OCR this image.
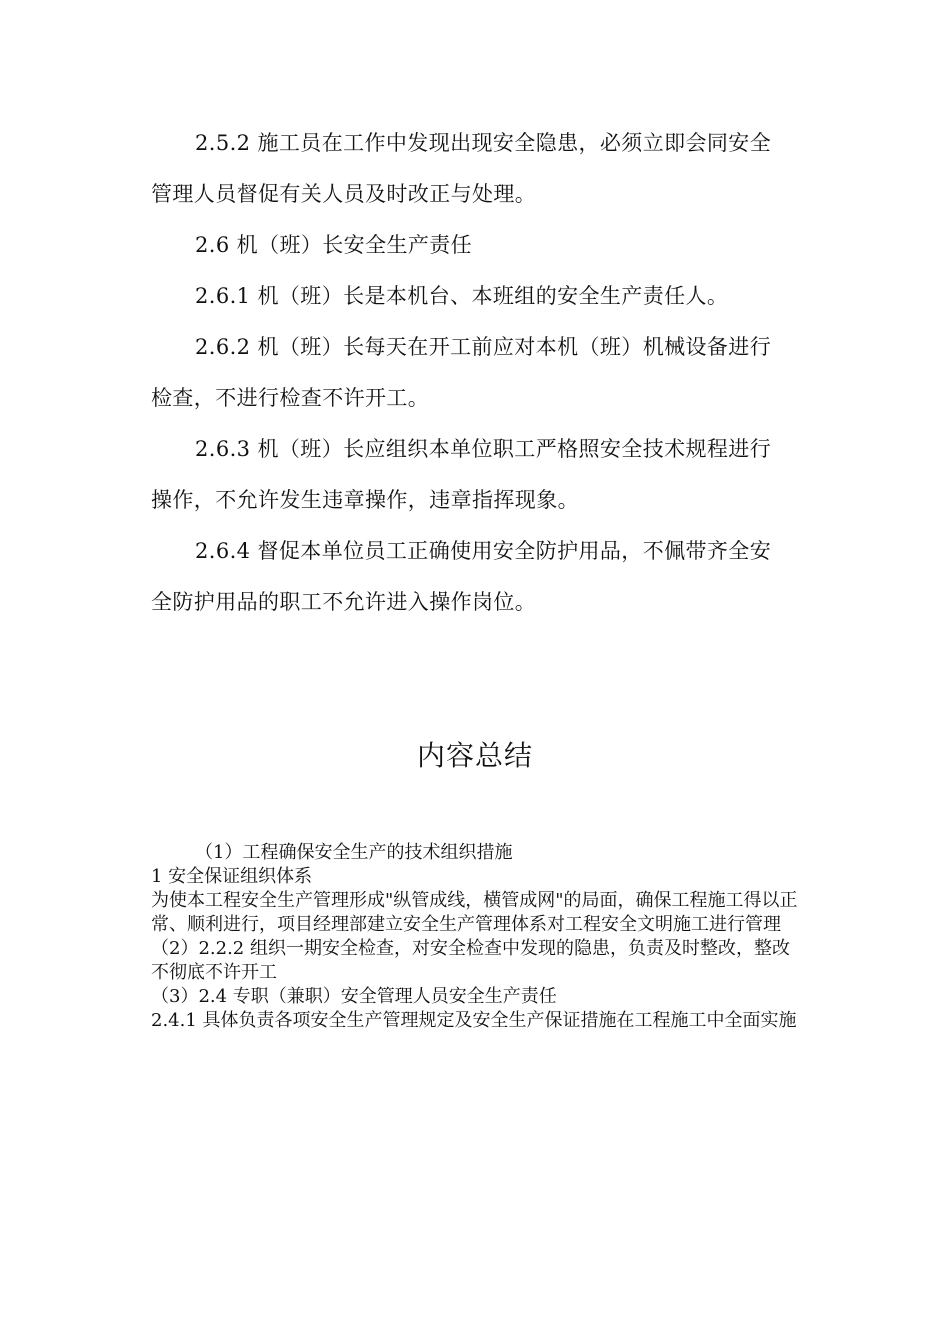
2.5.2 施工员在工作中发现出现安全隐患，必须立即会同安全管理人员督促有关人员及时改正与处理。

2.6 机（班）长安全生产责任

2.6.1 机（班）长是本机台、本班组的安全生产责任人。

2.6.2 机（班）长每天在开工前应对本机（班）机械设备进行检查，不进行检查不许开工。

2.6.3 机（班）长应组织本单位职工严格照安全技术规程进行操作，不允许发生违章操作，违章指挥现象。

2.6.4 督促本单位员工正确使用安全防护用品，不佩带齐全安全防护用品的职工不允许进入操作岗位。

内容总结

（1）工程确保安全生产的技术组织措施

1 安全保证组织体系

为使本工程安全生产管理形成"纵管成线，横管成网"的局面，确保工程施工得以正常、顺利进行，项目经理部建立安全生产管理体系对工程安全文明施工进行管理

（2）2.2.2 组织一期安全检查，对安全检查中发现的隐患，负责及时整改，整改不彻底不许开工

（3）2.4 专职（兼职）安全管理人员安全生产责任

2.4.1 具体负责各项安全生产管理规定及安全生产保证措施在工程施工中全面实施
